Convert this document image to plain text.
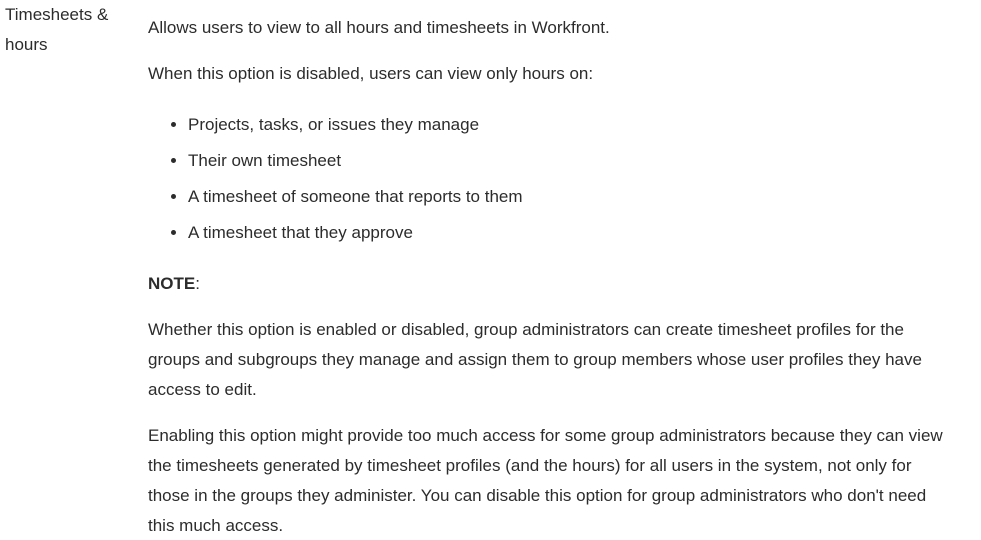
Timesheets & hours

Allows users to view to all hours and timesheets in Workfront.

When this option is disabled, users can view only hours on:

• Projects, tasks, or issues they manage
• Their own timesheet
• A timesheet of someone that reports to them
• A timesheet that they approve

NOTE:

Whether this option is enabled or disabled, group administrators can create timesheet profiles for the groups and subgroups they manage and assign them to group members whose user profiles they have access to edit.

Enabling this option might provide too much access for some group administrators because they can view the timesheets generated by timesheet profiles (and the hours) for all users in the system, not only for those in the groups they administer. You can disable this option for group administrators who don't need this much access.
